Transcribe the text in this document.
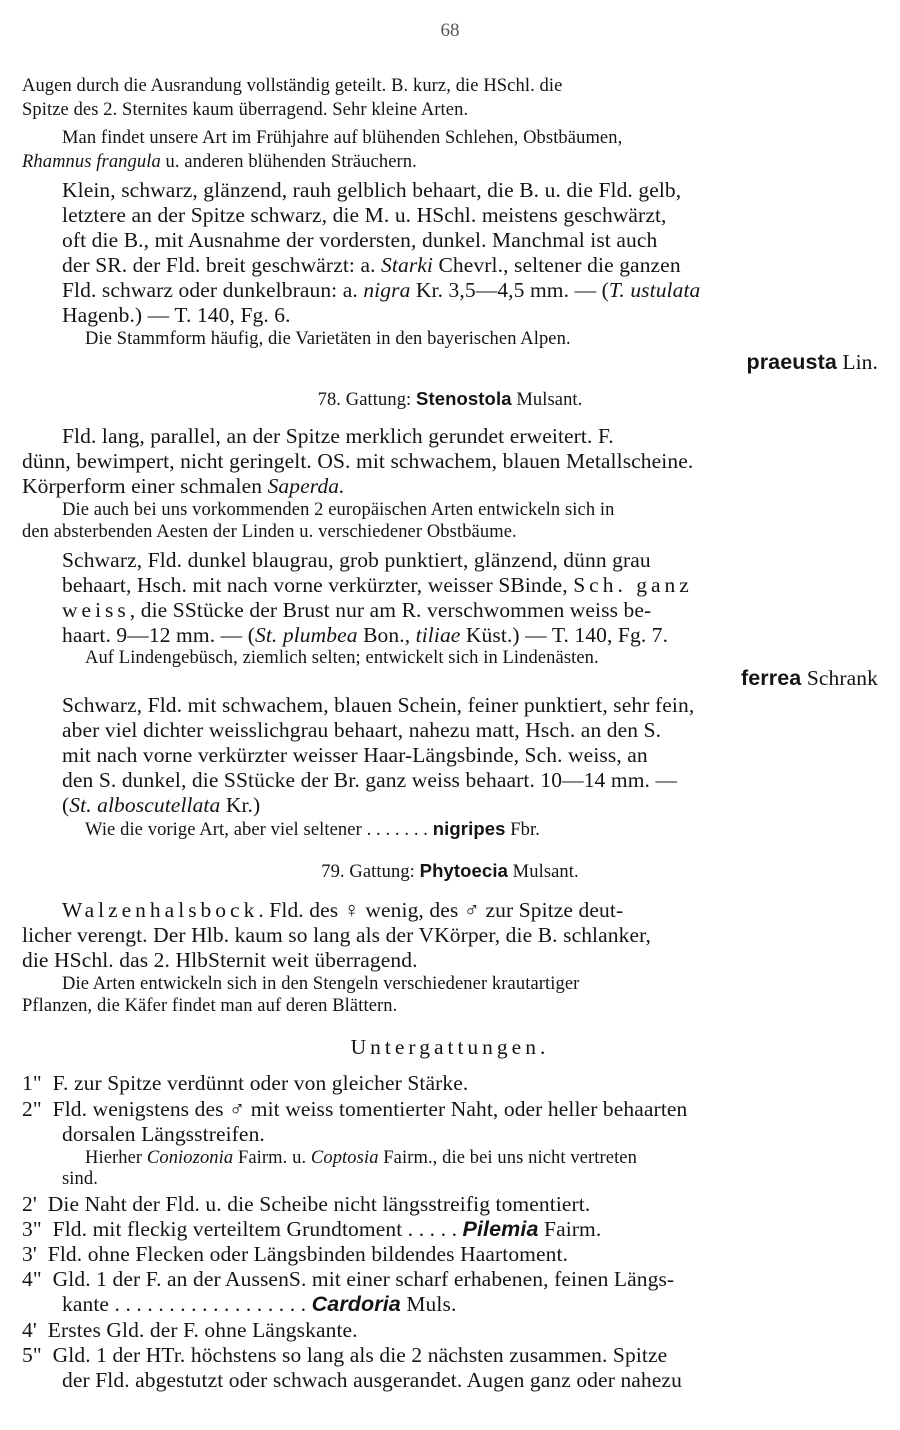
68
Augen durch die Ausrandung vollständig geteilt. B. kurz, die HSchl. die
Spitze des 2. Sternites kaum überragend. Sehr kleine Arten.
Man findet unsere Art im Frühjahre auf blühenden Schlehen, Obstbäumen,
Rhamnus frangula u. anderen blühenden Sträuchern.
Klein, schwarz, glänzend, rauh gelblich behaart, die B. u. die Fld. gelb,
letztere an der Spitze schwarz, die M. u. HSchl. meistens geschwärzt,
oft die B., mit Ausnahme der vordersten, dunkel. Manchmal ist auch
der SR. der Fld. breit geschwärzt: a. Starki Chevrl., seltener die ganzen
Fld. schwarz oder dunkelbraun: a. nigra Kr. 3,5—4,5 mm. — (T. ustulata
Hagenb.) — T. 140, Fg. 6.
Die Stammform häufig, die Varietäten in den bayerischen Alpen.
praeusta Lin.
78. Gattung: Stenostola Mulsant.
Fld. lang, parallel, an der Spitze merklich gerundet erweitert. F.
dünn, bewimpert, nicht geringelt. OS. mit schwachem, blauen Metallscheine.
Körperform einer schmalen Saperda.
Die auch bei uns vorkommenden 2 europäischen Arten entwickeln sich in
den absterbenden Aesten der Linden u. verschiedener Obstbäume.
Schwarz, Fld. dunkel blaugrau, grob punktiert, glänzend, dünn grau
behaart, Hsch. mit nach vorne verkürzter, weisser SBinde, Sch. ganz
weiss, die SStücke der Brust nur am R. verschwommen weiss be-
haart. 9—12 mm. — (St. plumbea Bon., tiliae Küst.) — T. 140, Fg. 7.
Auf Lindengebüsch, ziemlich selten; entwickelt sich in Lindenästen.
ferrea Schrank
Schwarz, Fld. mit schwachem, blauen Schein, feiner punktiert, sehr fein,
aber viel dichter weisslichgrau behaart, nahezu matt, Hsch. an den S.
mit nach vorne verkürzter weisser Haar-Längsbinde, Sch. weiss, an
den S. dunkel, die SStücke der Br. ganz weiss behaart. 10—14 mm. —
(St. alboscutellata Kr.)
Wie die vorige Art, aber viel seltener . . . . . . . nigripes Fbr.
79. Gattung: Phytoecia Mulsant.
Walzenhalsbock. Fld. des ♀ wenig, des ♂ zur Spitze deut-
licher verengt. Der Hlb. kaum so lang als der VKörper, die B. schlanker,
die HSchl. das 2. HlbSternit weit überragend.
Die Arten entwickeln sich in den Stengeln verschiedener krautartiger
Pflanzen, die Käfer findet man auf deren Blättern.
Untergattungen.
1"  F. zur Spitze verdünnt oder von gleicher Stärke.
2"  Fld. wenigstens des ♂ mit weiss tomentierter Naht, oder heller behaarten
dorsalen Längsstreifen.
Hierher Coniozonia Fairm. u. Coptosia Fairm., die bei uns nicht vertreten
sind.
2'  Die Naht der Fld. u. die Scheibe nicht längsstreifig tomentiert.
3"  Fld. mit fleckig verteiltem Grundtoment . . . . . Pilemia Fairm.
3'  Fld. ohne Flecken oder Längsbinden bildendes Haartoment.
4"  Gld. 1 der F. an der AussenS. mit einer scharf erhabenen, feinen Längs-
kante . . . . . . . . . . . . . . . . . . Cardoria Muls.
4'  Erstes Gld. der F. ohne Längskante.
5"  Gld. 1 der HTr. höchstens so lang als die 2 nächsten zusammen. Spitze
der Fld. abgestutzt oder schwach ausgerandet. Augen ganz oder nahezu
